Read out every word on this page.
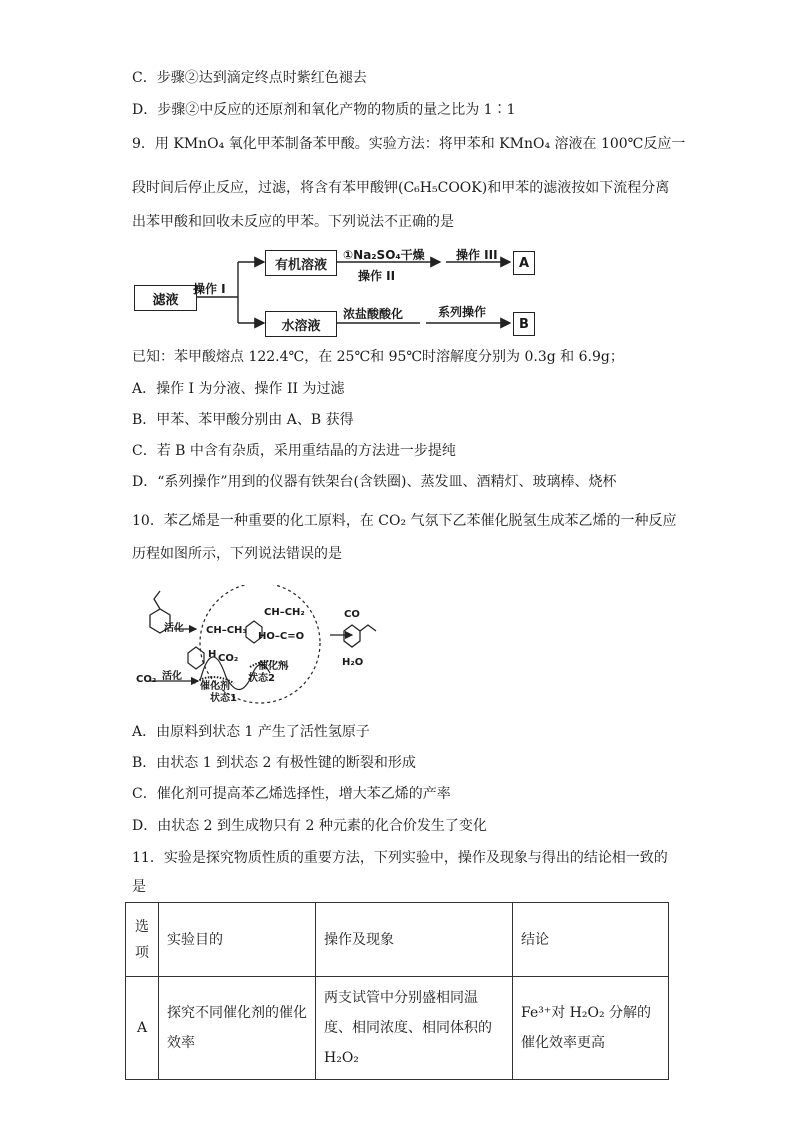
C．步骤②达到滴定终点时紫红色褪去
D．步骤②中反应的还原剂和氧化产物的物质的量之比为 1∶1
9．用 KMnO₄ 氧化甲苯制备苯甲酸。实验方法：将甲苯和 KMnO₄ 溶液在 100℃反应一
段时间后停止反应，过滤，将含有苯甲酸钾(C₆H₅COOK)和甲苯的滤液按如下流程分离
出苯甲酸和回收未反应的甲苯。下列说法不正确的是
滤液
操作 I
有机溶液
①Na₂SO₄干燥
操作 II
操作 III
A
水溶液
浓盐酸酸化	系列操作
B
已知：苯甲酸熔点 122.4℃，在 25℃和 95℃时溶解度分别为 0.3g 和 6.9g；
A．操作 I 为分液、操作 II 为过滤
B．甲苯、苯甲酸分别由 A、B 获得
C．若 B 中含有杂质，采用重结晶的方法进一步提纯
D．“系列操作”用到的仪器有铁架台(含铁圈)、蒸发皿、酒精灯、玻璃棒、烧杯
10．苯乙烯是一种重要的化工原料，在 CO₂ 气氛下乙苯催化脱氢生成苯乙烯的一种反应
历程如图所示，下列说法错误的是
活化
活化
CO₂
H CO₂
CH–CH₃
CH–CH₂
HO–C=O
催化剂
催化剂
状态1
状态2
CO
H₂O
A．由原料到状态 1 产生了活性氢原子
B．由状态 1 到状态 2 有极性键的断裂和形成
C．催化剂可提高苯乙烯选择性，增大苯乙烯的产率
D．由状态 2 到生成物只有 2 种元素的化合价发生了变化
11．实验是探究物质性质的重要方法，下列实验中，操作及现象与得出的结论相一致的
是
选
项	实验目的	操作及现象	结论
A	探究不同催化剂的催化效率	两支试管中分别盛相同温度、相同浓度、相同体积的 H₂O₂	Fe³⁺对 H₂O₂ 分解的催化效率更高
